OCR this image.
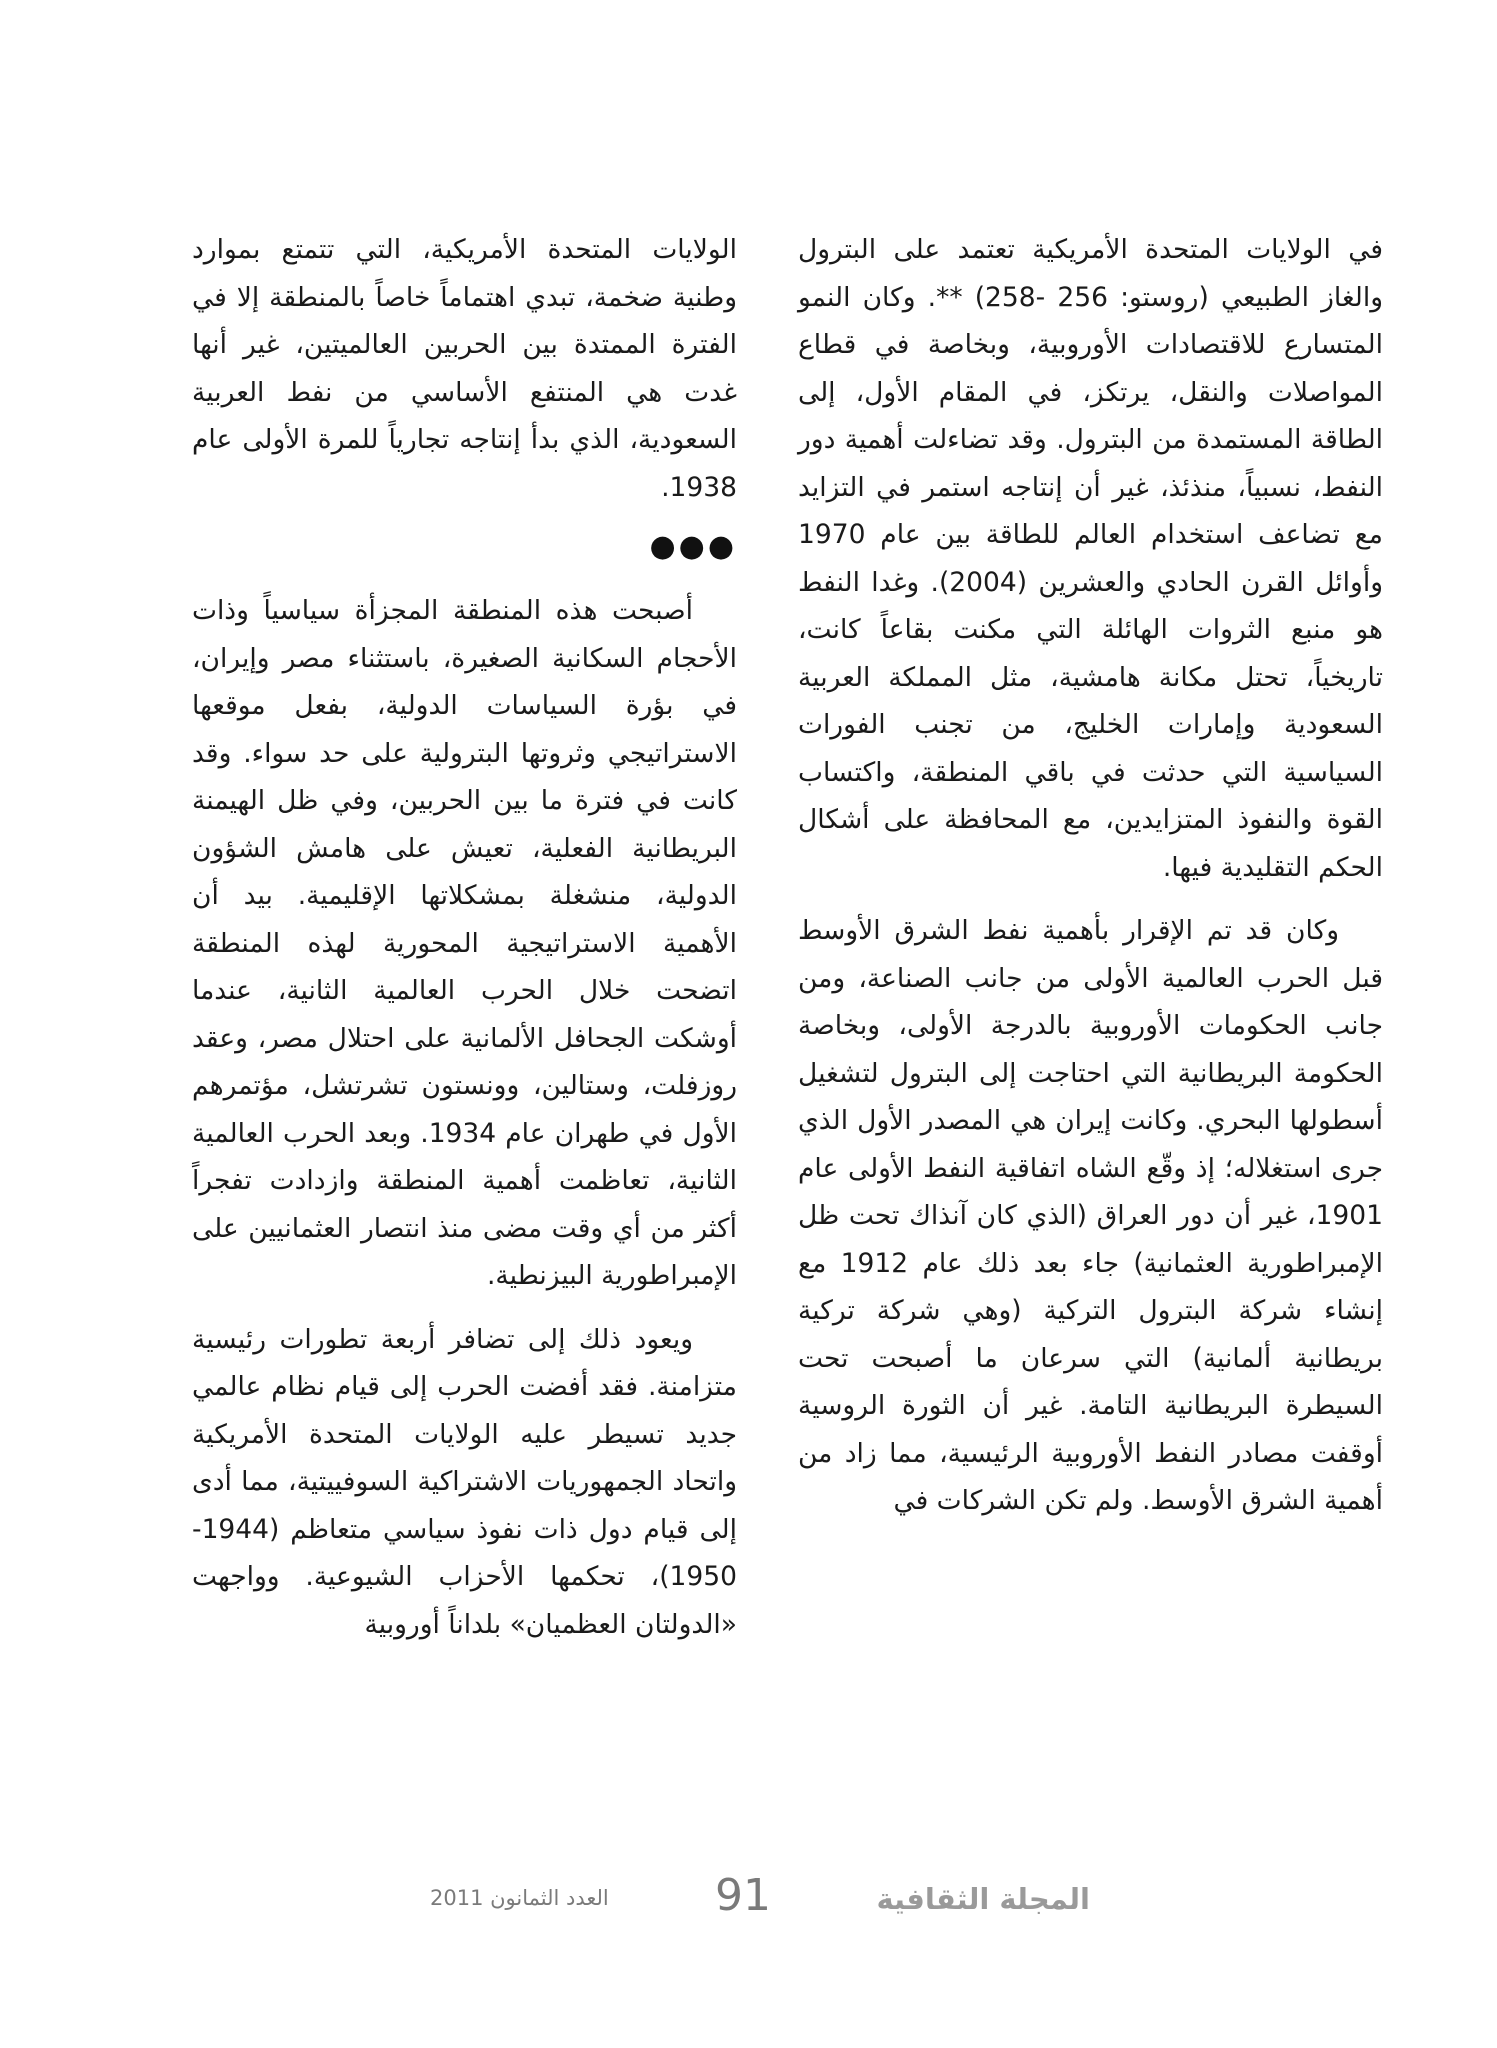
في الولايات المتحدة الأمريكية تعتمد على البترول والغاز الطبيعي (روستو: 256 -258) **. وكان النمو المتسارع للاقتصادات الأوروبية، وبخاصة في قطاع المواصلات والنقل، يرتكز، في المقام الأول، إلى الطاقة المستمدة من البترول. وقد تضاءلت أهمية دور النفط، نسبياً، منذئذ، غير أن إنتاجه استمر في التزايد مع تضاعف استخدام العالم للطاقة بين عام 1970 وأوائل القرن الحادي والعشرين (2004). وغدا النفط هو منبع الثروات الهائلة التي مكنت بقاعاً كانت، تاريخياً، تحتل مكانة هامشية، مثل المملكة العربية السعودية وإمارات الخليج، من تجنب الفورات السياسية التي حدثت في باقي المنطقة، واكتساب القوة والنفوذ المتزايدين، مع المحافظة على أشكال الحكم التقليدية فيها.

وكان قد تم الإقرار بأهمية نفط الشرق الأوسط قبل الحرب العالمية الأولى من جانب الصناعة، ومن جانب الحكومات الأوروبية بالدرجة الأولى، وبخاصة الحكومة البريطانية التي احتاجت إلى البترول لتشغيل أسطولها البحري. وكانت إيران هي المصدر الأول الذي جرى استغلاله؛ إذ وقّع الشاه اتفاقية النفط الأولى عام 1901، غير أن دور العراق (الذي كان آنذاك تحت ظل الإمبراطورية العثمانية) جاء بعد ذلك عام 1912 مع إنشاء شركة البترول التركية (وهي شركة تركية بريطانية ألمانية) التي سرعان ما أصبحت تحت السيطرة البريطانية التامة. غير أن الثورة الروسية أوقفت مصادر النفط الأوروبية الرئيسية، مما زاد من أهمية الشرق الأوسط. ولم تكن الشركات في

الولايات المتحدة الأمريكية، التي تتمتع بموارد وطنية ضخمة، تبدي اهتماماً خاصاً بالمنطقة إلا في الفترة الممتدة بين الحربين العالميتين، غير أنها غدت هي المنتفع الأساسي من نفط العربية السعودية، الذي بدأ إنتاجه تجارياً للمرة الأولى عام 1938.

●●●

أصبحت هذه المنطقة المجزأة سياسياً وذات الأحجام السكانية الصغيرة، باستثناء مصر وإيران، في بؤرة السياسات الدولية، بفعل موقعها الاستراتيجي وثروتها البترولية على حد سواء. وقد كانت في فترة ما بين الحربين، وفي ظل الهيمنة البريطانية الفعلية، تعيش على هامش الشؤون الدولية، منشغلة بمشكلاتها الإقليمية. بيد أن الأهمية الاستراتيجية المحورية لهذه المنطقة اتضحت خلال الحرب العالمية الثانية، عندما أوشكت الجحافل الألمانية على احتلال مصر، وعقد روزفلت، وستالين، وونستون تشرتشل، مؤتمرهم الأول في طهران عام 1934. وبعد الحرب العالمية الثانية، تعاظمت أهمية المنطقة وازدادت تفجراً أكثر من أي وقت مضى منذ انتصار العثمانيين على الإمبراطورية البيزنطية.

ويعود ذلك إلى تضافر أربعة تطورات رئيسية متزامنة. فقد أفضت الحرب إلى قيام نظام عالمي جديد تسيطر عليه الولايات المتحدة الأمريكية واتحاد الجمهوريات الاشتراكية السوفييتية، مما أدى إلى قيام دول ذات نفوذ سياسي متعاظم (1944-1950)، تحكمها الأحزاب الشيوعية. وواجهت «الدولتان العظميان» بلداناً أوروبية

المجلة الثقافية
91
العدد الثمانون 2011
